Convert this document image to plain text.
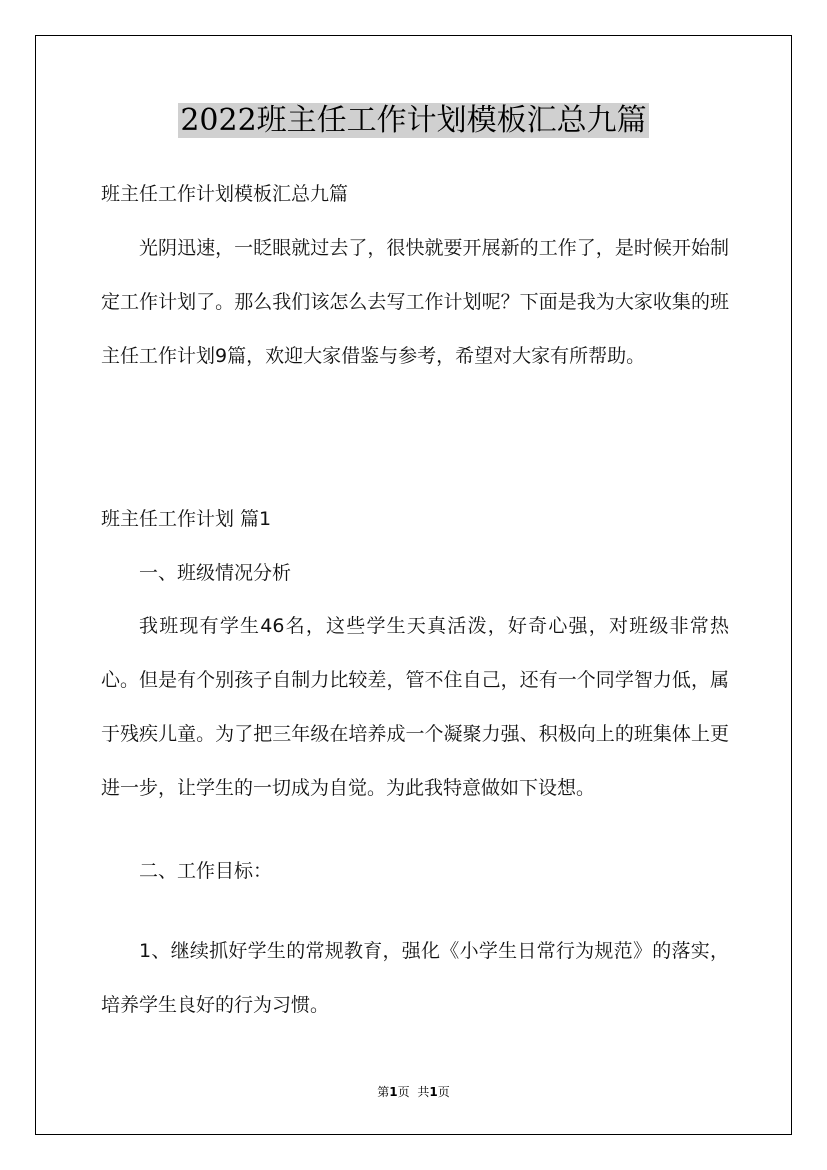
2022班主任工作计划模板汇总九篇

班主任工作计划模板汇总九篇

光阴迅速，一眨眼就过去了，很快就要开展新的工作了，是时候开始制定工作计划了。那么我们该怎么去写工作计划呢？下面是我为大家收集的班主任工作计划9篇，欢迎大家借鉴与参考，希望对大家有所帮助。

班主任工作计划 篇1

一、班级情况分析

我班现有学生46名，这些学生天真活泼，好奇心强，对班级非常热心。但是有个别孩子自制力比较差，管不住自己，还有一个同学智力低，属于残疾儿童。为了把三年级在培养成一个凝聚力强、积极向上的班集体上更进一步，让学生的一切成为自觉。为此我特意做如下设想。

二、工作目标：

1、继续抓好学生的常规教育，强化《小学生日常行为规范》的落实，培养学生良好的行为习惯。

第1页 共1页
